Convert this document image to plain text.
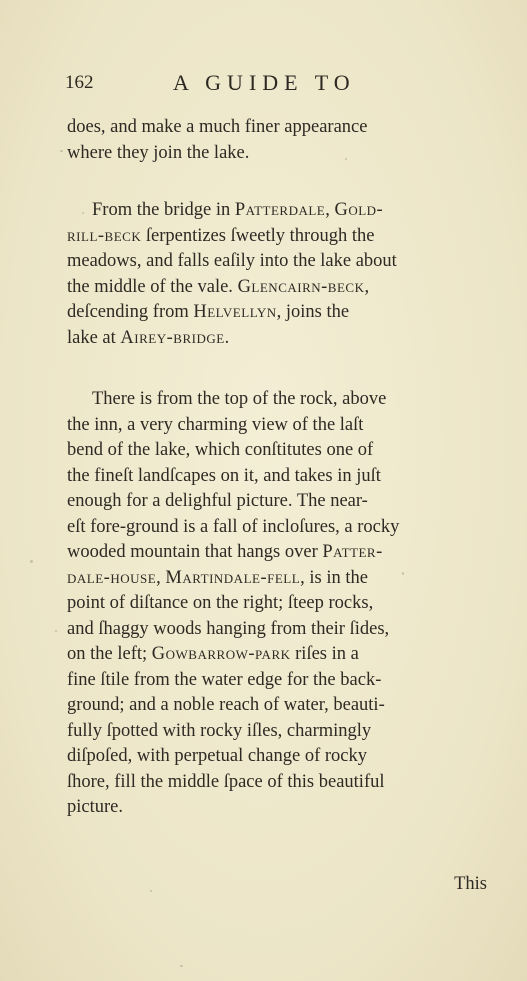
162	A GUIDE TO

does, and make a much finer appearance
where they join the lake.

From the bridge in Patterdale, Gold-
rill-beck ſerpentizes ſweetly through the
meadows, and falls eaſily into the lake about
the middle of the vale. Glencairn-beck,
deſcending from Helvellyn, joins the
lake at Airey-bridge.

There is from the top of the rock, above
the inn, a very charming view of the laſt
bend of the lake, which conſtitutes one of
the fineſt landſcapes on it, and takes in juſt
enough for a delighful picture. The near-
eſt fore-ground is a fall of incloſures, a rocky
wooded mountain that hangs over Patter-
dale-house, Martindale-fell, is in the
point of diſtance on the right; ſteep rocks,
and ſhaggy woods hanging from their ſides,
on the left; Gowbarrow-park riſes in a
fine ſtile from the water edge for the back-
ground; and a noble reach of water, beauti-
fully ſpotted with rocky iſles, charmingly
diſpoſed, with perpetual change of rocky
ſhore, fill the middle ſpace of this beautiful
picture.

This
